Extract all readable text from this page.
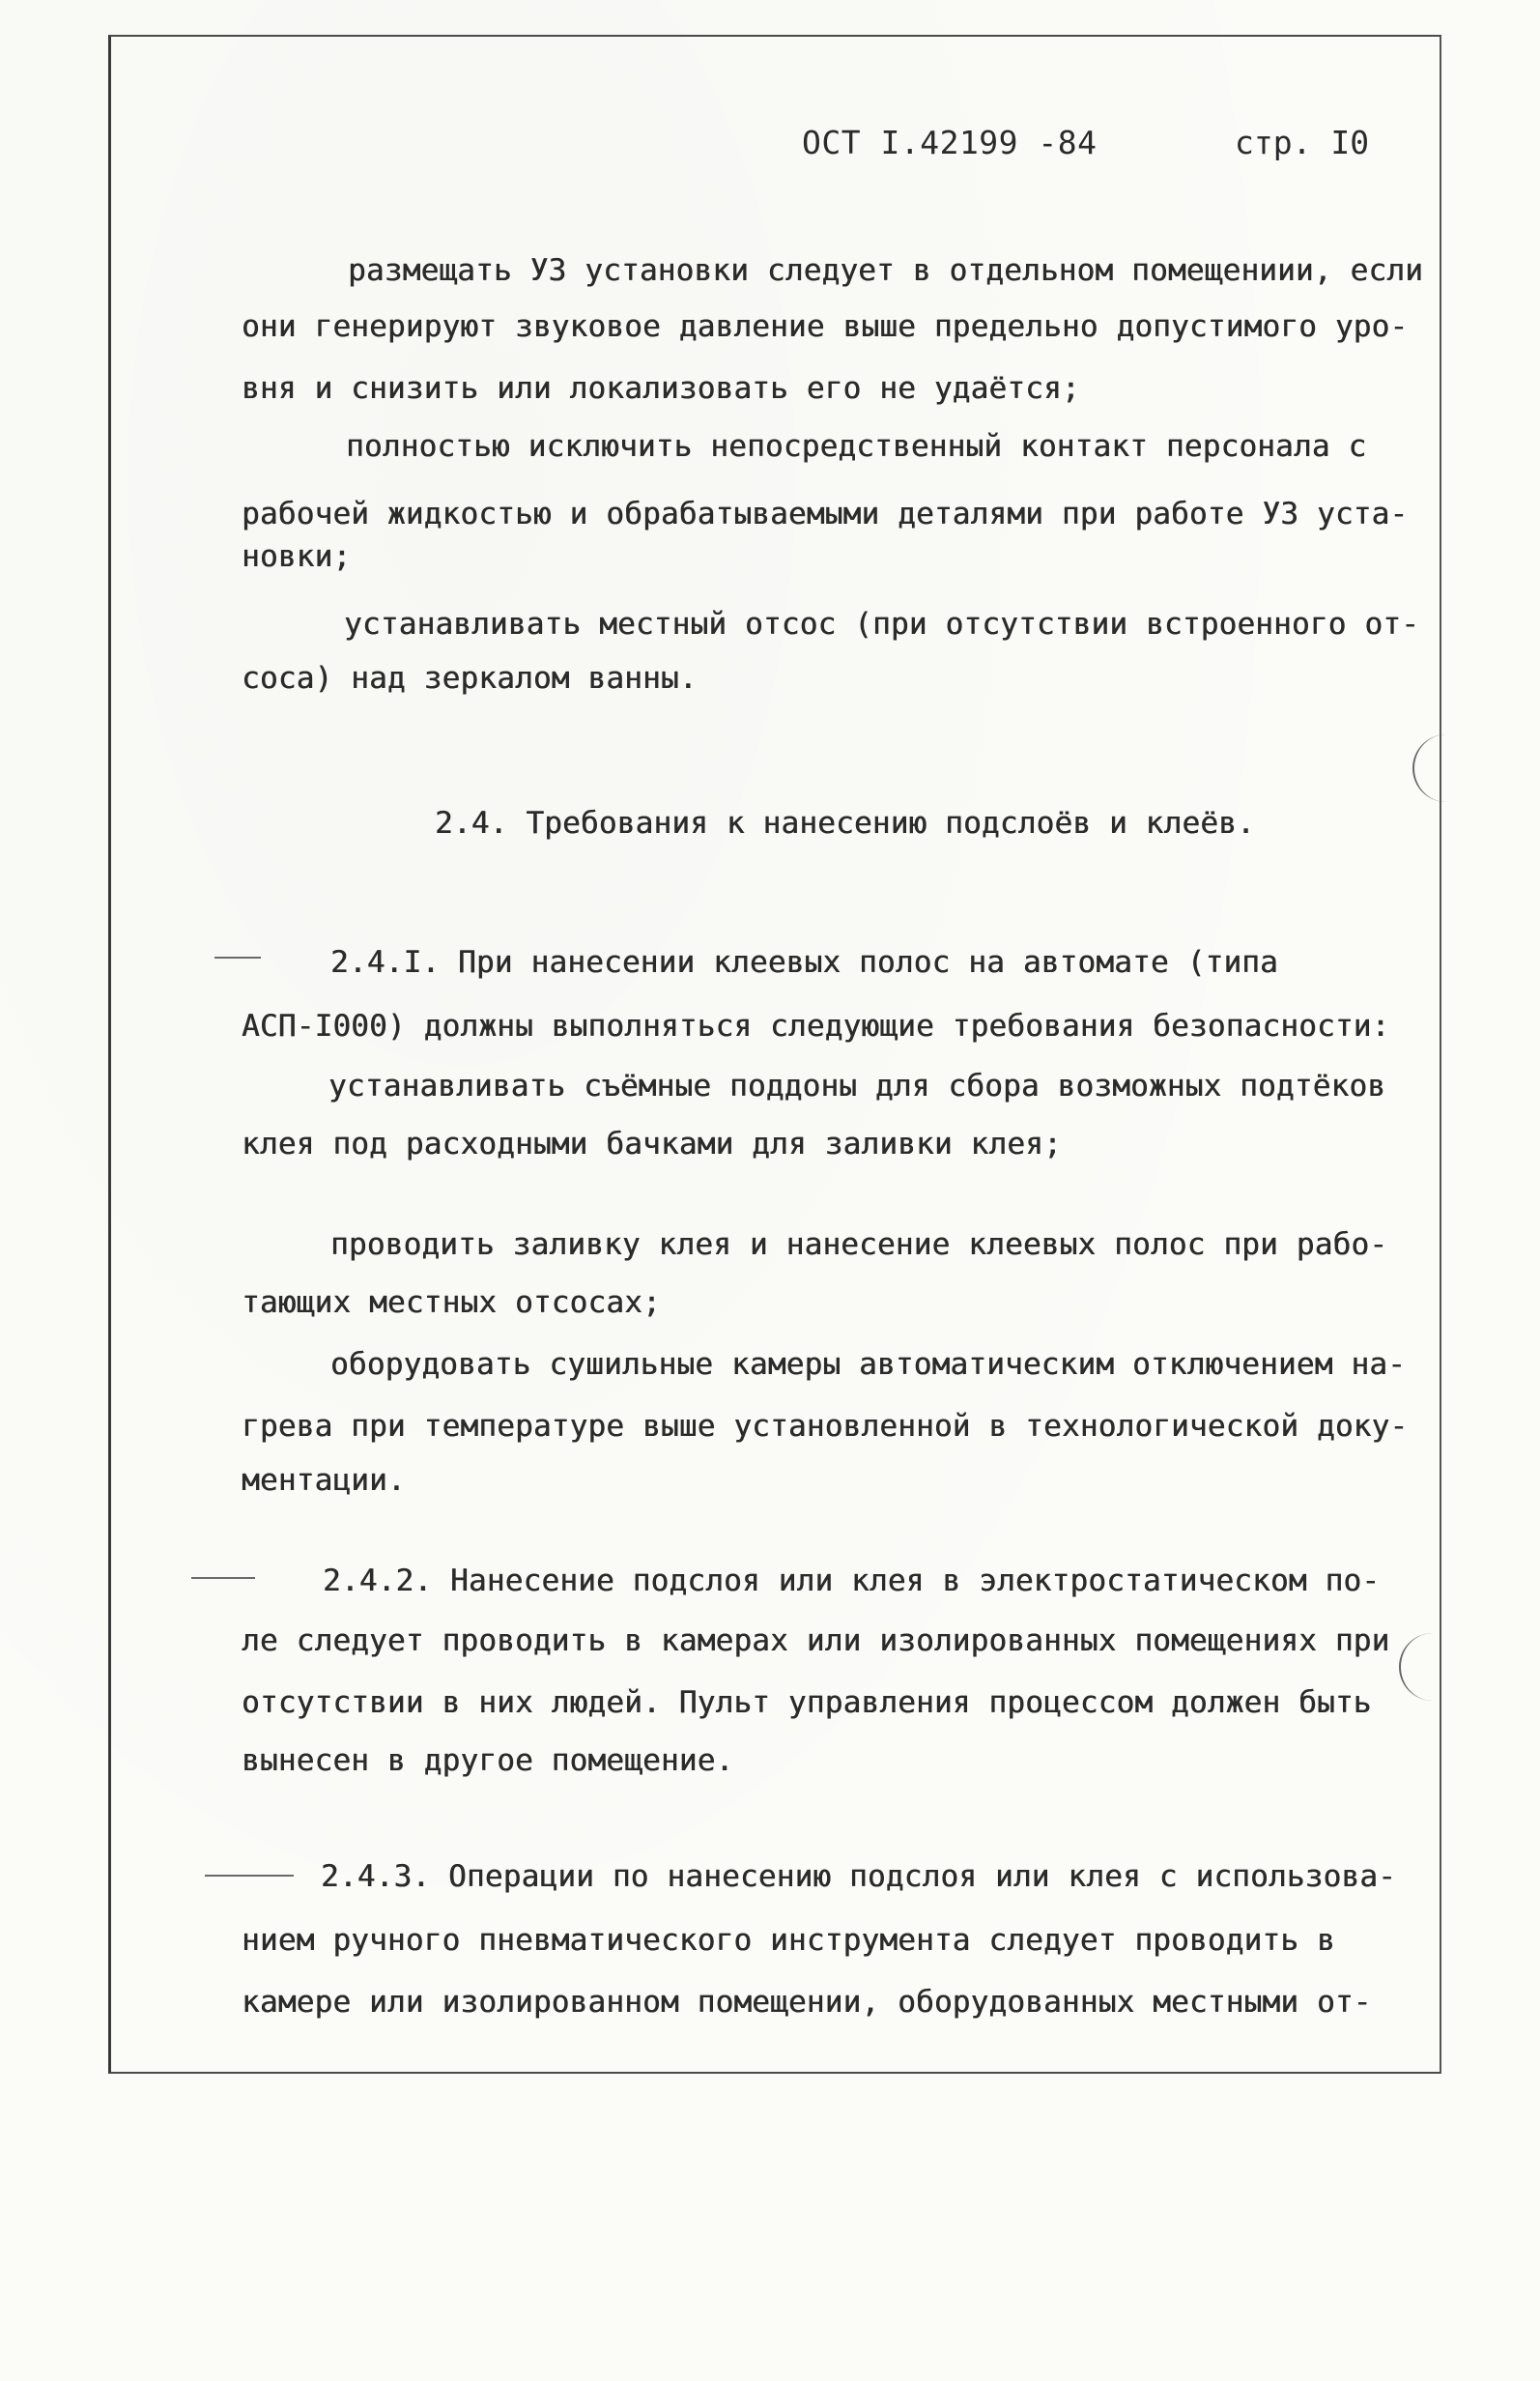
ОСТ I.42199 -84	стр. I0
размещать УЗ установки следует в отдельном помещениии, если
они генерируют звуковое давление выше предельно допустимого уро-
вня и снизить или локализовать его не удаётся;
полностью исключить непосредственный контакт персонала с
рабочей жидкостью и обрабатываемыми деталями при работе УЗ уста-
новки;
устанавливать местный отсос (при отсутствии встроенного от-
соса) над зеркалом ванны.
2.4. Требования к нанесению подслоёв и клеёв.
2.4.I. При нанесении клеевых полос на автомате (типа
АСП-I000) должны выполняться следующие требования безопасности:
устанавливать съёмные поддоны для сбора возможных подтёков
клея под расходными бачками для заливки клея;
проводить заливку клея и нанесение клеевых полос при рабо-
тающих местных отсосах;
оборудовать сушильные камеры автоматическим отключением на-
грева при температуре выше установленной в технологической доку-
ментации.
2.4.2. Нанесение подслоя или клея в электростатическом по-
ле следует проводить в камерах или изолированных помещениях при
отсутствии в них людей. Пульт управления процессом должен быть
вынесен в другое помещение.
2.4.3. Операции по нанесению подслоя или клея с использова-
нием ручного пневматического инструмента следует проводить в
камере или изолированном помещении, оборудованных местными от-
